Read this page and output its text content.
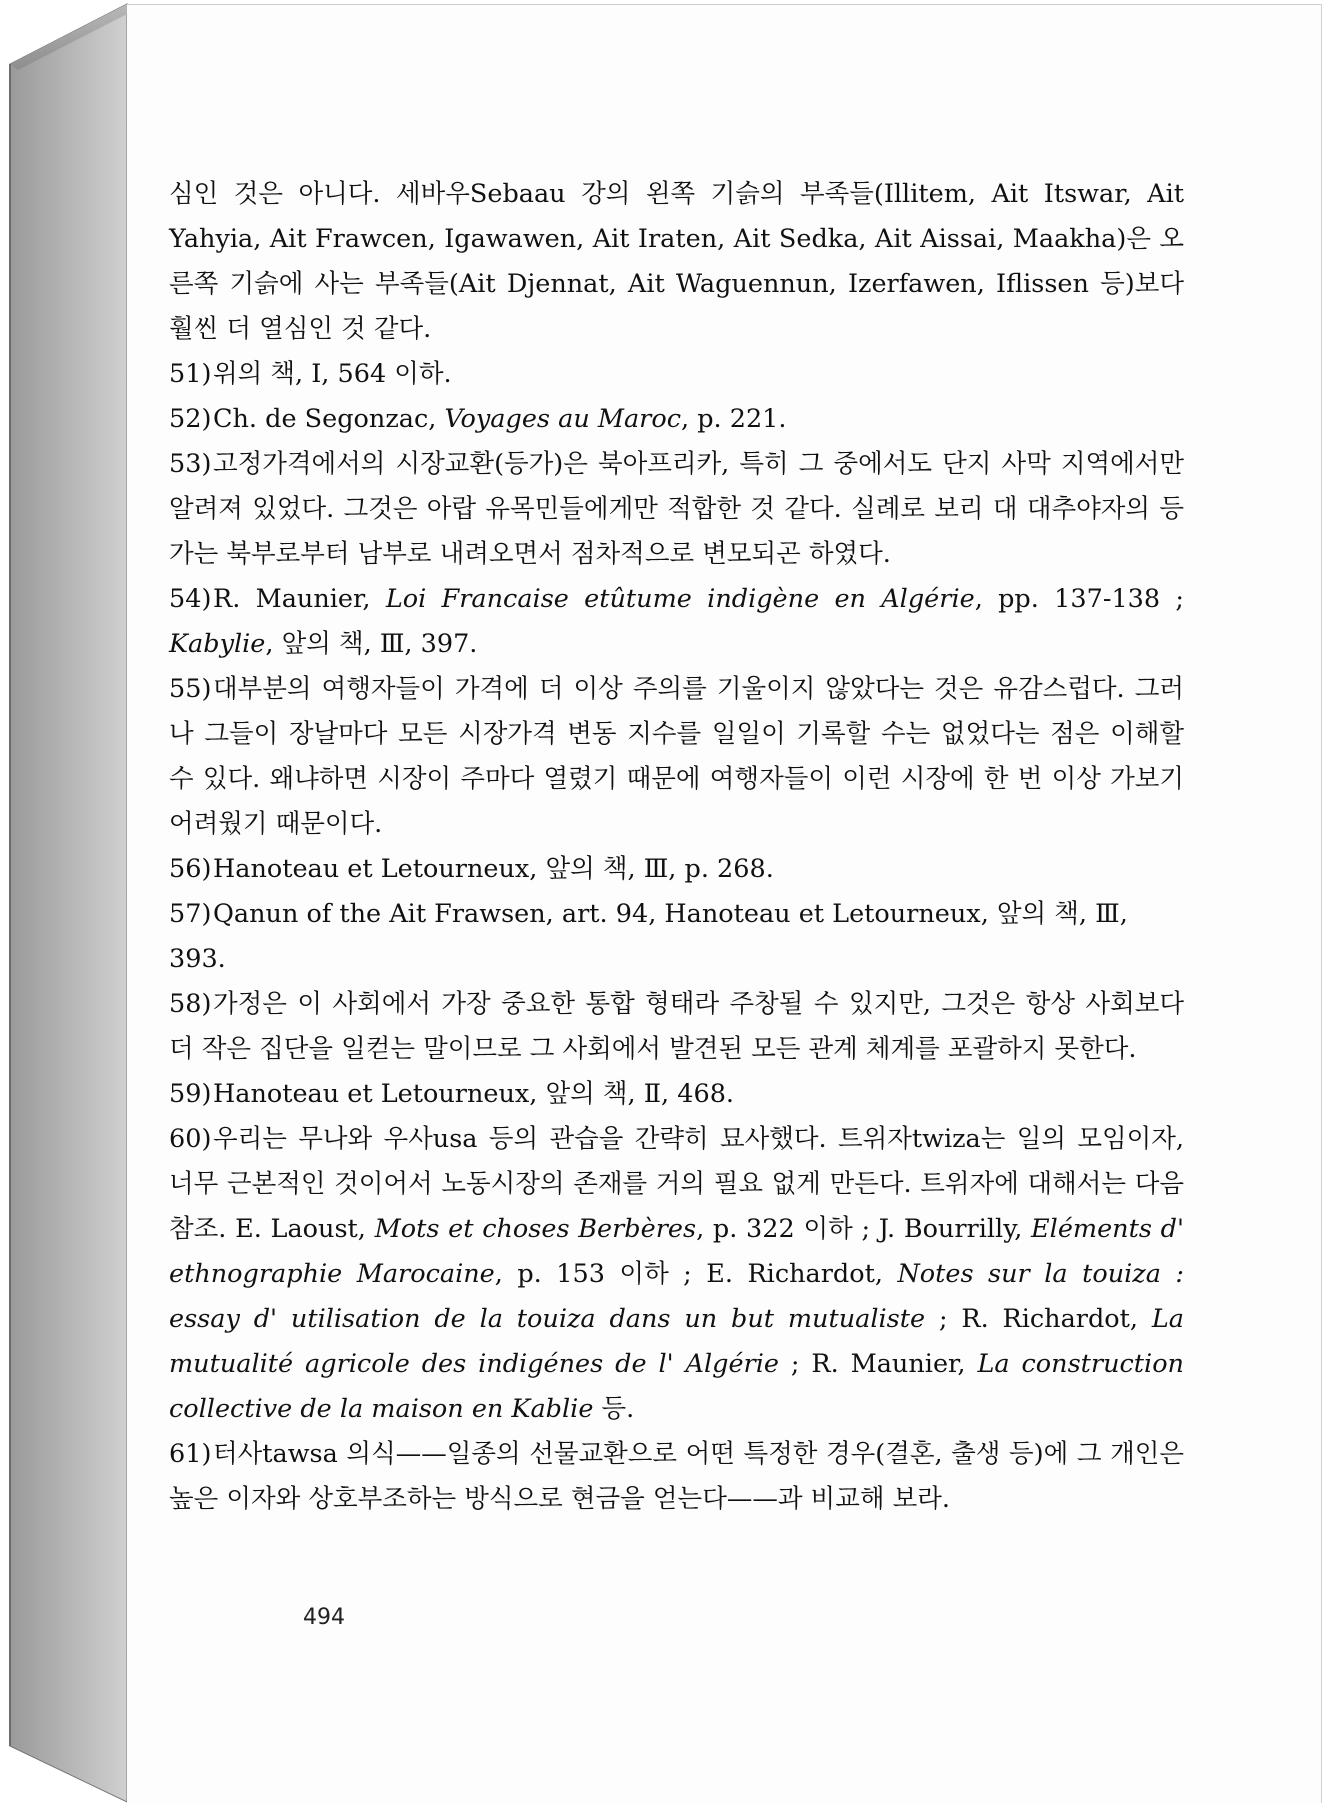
심인 것은 아니다. 세바우Sebaau 강의 왼쪽 기슭의 부족들(Illitem, Ait Itswar, Ait Yahyia, Ait Frawcen, Igawawen, Ait Iraten, Ait Sedka, Ait Aissai, Maakha)은 오른쪽 기슭에 사는 부족들(Ait Djennat, Ait Waguennun, Izerfawen, Iflissen 등)보다 훨씬 더 열심인 것 같다.
51)위의 책, Ⅰ, 564 이하.
52)Ch. de Segonzac, Voyages au Maroc, p. 221.
53)고정가격에서의 시장교환(등가)은 북아프리카, 특히 그 중에서도 단지 사막 지역에서만 알려져 있었다. 그것은 아랍 유목민들에게만 적합한 것 같다. 실례로 보리 대 대추야자의 등가는 북부로부터 남부로 내려오면서 점차적으로 변모되곤 하였다.
54)R. Maunier, Loi Francaise etûtume indigène en Algérie, pp. 137-138 ; Kabylie, 앞의 책, Ⅲ, 397.
55)대부분의 여행자들이 가격에 더 이상 주의를 기울이지 않았다는 것은 유감스럽다. 그러나 그들이 장날마다 모든 시장가격 변동 지수를 일일이 기록할 수는 없었다는 점은 이해할 수 있다. 왜냐하면 시장이 주마다 열렸기 때문에 여행자들이 이런 시장에 한 번 이상 가보기 어려웠기 때문이다.
56)Hanoteau et Letourneux, 앞의 책, Ⅲ, p. 268.
57)Qanun of the Ait Frawsen, art. 94, Hanoteau et Letourneux, 앞의 책, Ⅲ, 393.
58)가정은 이 사회에서 가장 중요한 통합 형태라 주창될 수 있지만, 그것은 항상 사회보다 더 작은 집단을 일컫는 말이므로 그 사회에서 발견된 모든 관계 체계를 포괄하지 못한다.
59)Hanoteau et Letourneux, 앞의 책, Ⅱ, 468.
60)우리는 무나와 우사usa 등의 관습을 간략히 묘사했다. 트위자twiza는 일의 모임이자, 너무 근본적인 것이어서 노동시장의 존재를 거의 필요 없게 만든다. 트위자에 대해서는 다음 참조. E. Laoust, Mots et choses Berbères, p. 322 이하 ; J. Bourrilly, Eléments d' ethnographie Marocaine, p. 153 이하 ; E. Richardot, Notes sur la touiza : essay d' utilisation de la touiza dans un but mutualiste ; R. Richardot, La mutualité agricole des indigénes de l' Algérie ; R. Maunier, La construction collective de la maison en Kablie 등.
61)터사tawsa 의식——일종의 선물교환으로 어떤 특정한 경우(결혼, 출생 등)에 그 개인은 높은 이자와 상호부조하는 방식으로 현금을 얻는다——과 비교해 보라.
494
